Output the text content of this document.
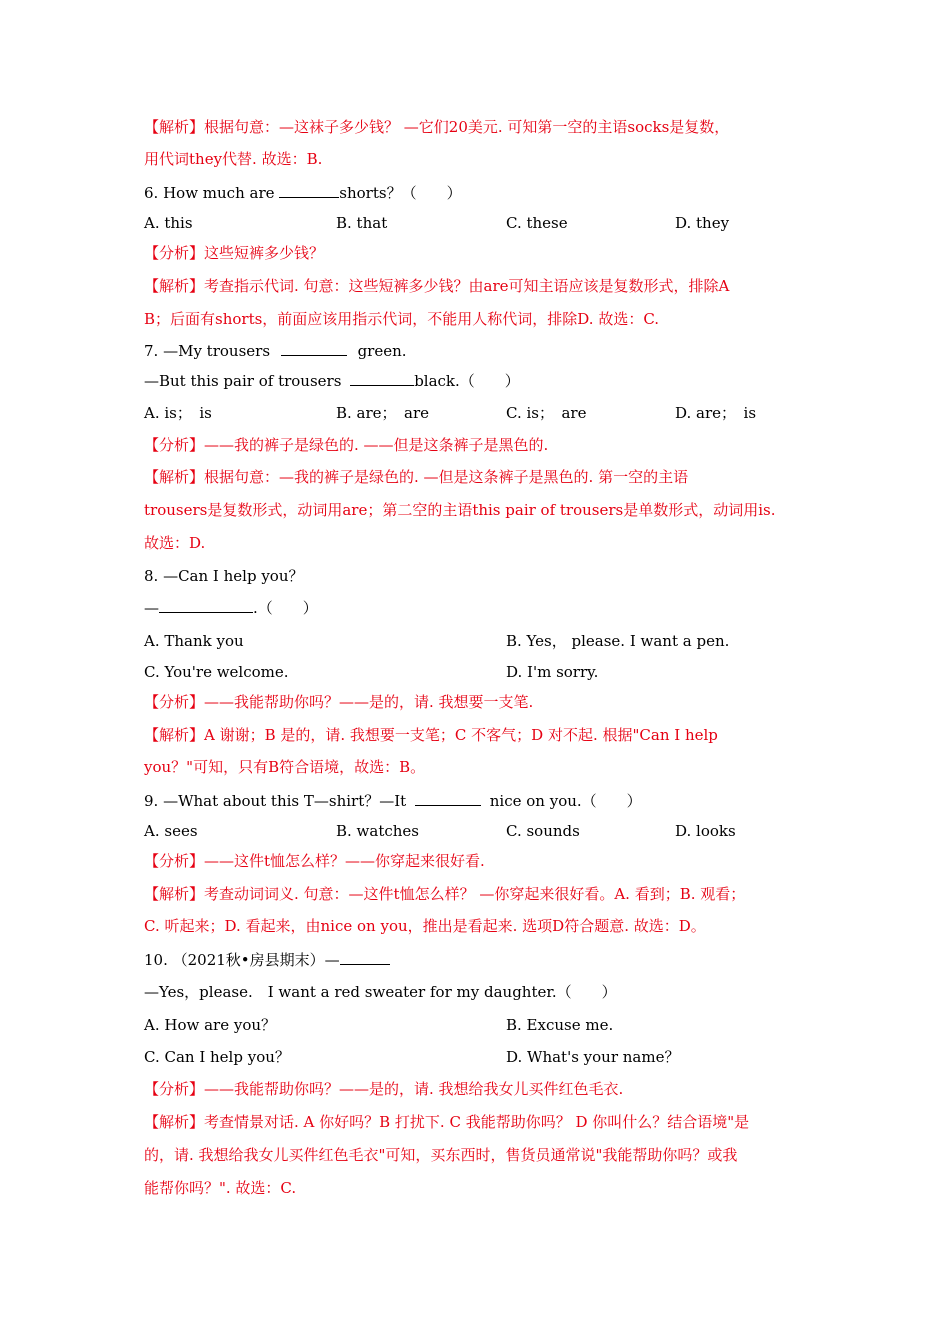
【解析】根据句意：—这袜子多少钱？ —它们20美元. 可知第一空的主语socks是复数，
用代词they代替. 故选：B.
6. How much are	shorts？（　　）
A. this	B. that	C. these	D. they
【分析】这些短裤多少钱？
【解析】考查指示代词. 句意：这些短裤多少钱？由are可知主语应该是复数形式，排除A
B；后面有shorts，前面应该用指示代词，不能用人称代词，排除D. 故选：C.
7. —My trousers	green.
—But this pair of trousers	black.（　　）
A. is；　is	B. are；　are	C. is；　are	D. are；　is
【分析】——我的裤子是绿色的. ——但是这条裤子是黑色的.
【解析】根据句意：—我的裤子是绿色的. —但是这条裤子是黑色的. 第一空的主语
trousers是复数形式，动词用are；第二空的主语this pair of trousers是单数形式，动词用is.
故选：D.
8. —Can I help you？
—	.（　　）
A. Thank you	B. Yes， please. I want a pen.
C. You're welcome.	D. I'm sorry.
【分析】——我能帮助你吗？——是的，请. 我想要一支笔.
【解析】A 谢谢；B 是的，请. 我想要一支笔；C 不客气；D 对不起. 根据"Can I help
you？"可知，只有B符合语境，故选：B。
9. —What about this T—shirt？—It	nice on you.（　　）
A. sees	B. watches	C. sounds	D. looks
【分析】——这件t恤怎么样？——你穿起来很好看.
【解析】考查动词词义. 句意：—这件t恤怎么样？ —你穿起来很好看。A. 看到；B. 观看；
C. 听起来；D. 看起来，由nice on you，推出是看起来. 选项D符合题意. 故选：D。
10. （2021秋•房县期末）—
—Yes，please.　I want a red sweater for my daughter.（　　）
A. How are you？	B. Excuse me.
C. Can I help you？	D. What's your name？
【分析】——我能帮助你吗？——是的，请. 我想给我女儿买件红色毛衣.
【解析】考查情景对话. A 你好吗？B 打扰下. C 我能帮助你吗？ D 你叫什么？结合语境"是
的，请. 我想给我女儿买件红色毛衣"可知，买东西时，售货员通常说"我能帮助你吗？或我
能帮你吗？". 故选：C.
